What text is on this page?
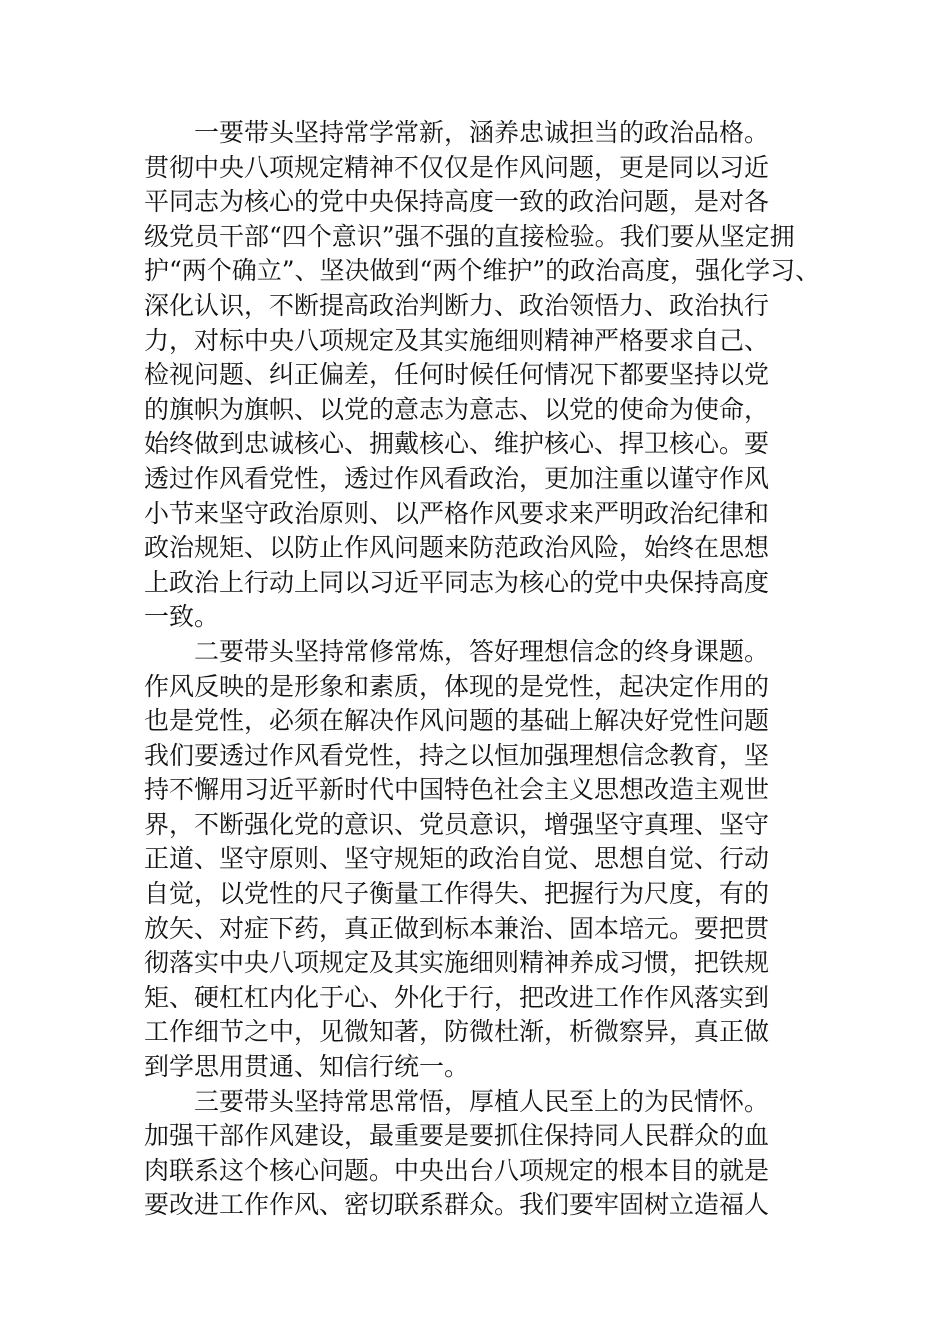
一要带头坚持常学常新，涵养忠诚担当的政治品格。
贯彻中央八项规定精神不仅仅是作风问题，更是同以习近
平同志为核心的党中央保持高度一致的政治问题，是对各
级党员干部“四个意识”强不强的直接检验。我们要从坚定拥
护“两个确立”、坚决做到“两个维护”的政治高度，强化学习、
深化认识，不断提高政治判断力、政治领悟力、政治执行
力，对标中央八项规定及其实施细则精神严格要求自己、
检视问题、纠正偏差，任何时候任何情况下都要坚持以党
的旗帜为旗帜、以党的意志为意志、以党的使命为使命，
始终做到忠诚核心、拥戴核心、维护核心、捍卫核心。要
透过作风看党性，透过作风看政治，更加注重以谨守作风
小节来坚守政治原则、以严格作风要求来严明政治纪律和
政治规矩、以防止作风问题来防范政治风险，始终在思想
上政治上行动上同以习近平同志为核心的党中央保持高度
一致。
二要带头坚持常修常炼，答好理想信念的终身课题。
作风反映的是形象和素质，体现的是党性，起决定作用的
也是党性，必须在解决作风问题的基础上解决好党性问题
我们要透过作风看党性，持之以恒加强理想信念教育，坚
持不懈用习近平新时代中国特色社会主义思想改造主观世
界，不断强化党的意识、党员意识，增强坚守真理、坚守
正道、坚守原则、坚守规矩的政治自觉、思想自觉、行动
自觉，以党性的尺子衡量工作得失、把握行为尺度，有的
放矢、对症下药，真正做到标本兼治、固本培元。要把贯
彻落实中央八项规定及其实施细则精神养成习惯，把铁规
矩、硬杠杠内化于心、外化于行，把改进工作作风落实到
工作细节之中，见微知著，防微杜渐，析微察异，真正做
到学思用贯通、知信行统一。
三要带头坚持常思常悟，厚植人民至上的为民情怀。
加强干部作风建设，最重要是要抓住保持同人民群众的血
肉联系这个核心问题。中央出台八项规定的根本目的就是
要改进工作作风、密切联系群众。我们要牢固树立造福人
